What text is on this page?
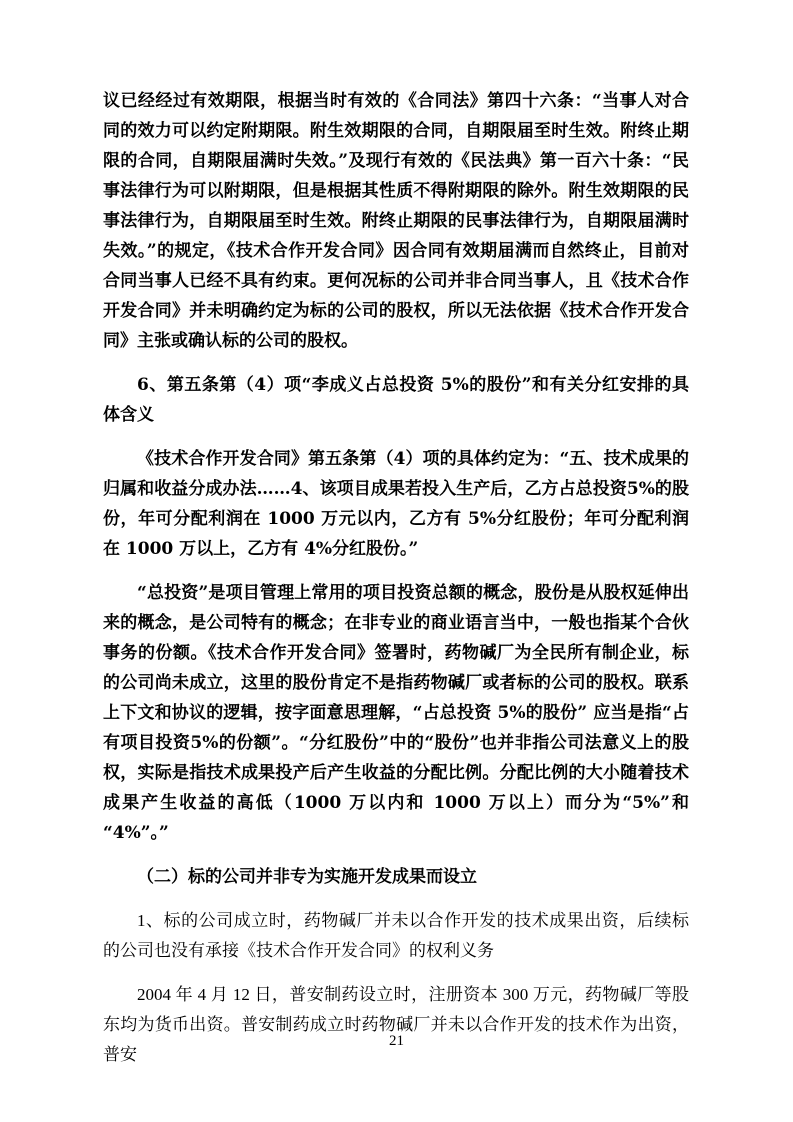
议已经经过有效期限，根据当时有效的《合同法》第四十六条：“当事人对合同的效力可以约定附期限。附生效期限的合同，自期限届至时生效。附终止期限的合同，自期限届满时失效。”及现行有效的《民法典》第一百六十条：“民事法律行为可以附期限，但是根据其性质不得附期限的除外。附生效期限的民事法律行为，自期限届至时生效。附终止期限的民事法律行为，自期限届满时失效。”的规定，《技术合作开发合同》因合同有效期届满而自然终止，目前对合同当事人已经不具有约束。更何况标的公司并非合同当事人，且《技术合作开发合同》并未明确约定为标的公司的股权，所以无法依据《技术合作开发合同》主张或确认标的公司的股权。

6、第五条第（4）项“李成义占总投资 5%的股份”和有关分红安排的具体含义

《技术合作开发合同》第五条第（4）项的具体约定为：“五、技术成果的归属和收益分成办法……4、该项目成果若投入生产后，乙方占总投资5%的股份，年可分配利润在 1000 万元以内，乙方有 5%分红股份；年可分配利润在 1000 万以上，乙方有 4%分红股份。”

“总投资”是项目管理上常用的项目投资总额的概念，股份是从股权延伸出来的概念，是公司特有的概念；在非专业的商业语言当中，一般也指某个合伙事务的份额。《技术合作开发合同》签署时，药物碱厂为全民所有制企业，标的公司尚未成立，这里的股份肯定不是指药物碱厂或者标的公司的股权。联系上下文和协议的逻辑，按字面意思理解，“占总投资 5%的股份” 应当是指“占有项目投资5%的份额”。“分红股份”中的“股份”也并非指公司法意义上的股权，实际是指技术成果投产后产生收益的分配比例。分配比例的大小随着技术成果产生收益的高低（1000 万以内和 1000 万以上）而分为“5%”和“4%”。”

（二）标的公司并非专为实施开发成果而设立

1、标的公司成立时，药物碱厂并未以合作开发的技术成果出资，后续标的公司也没有承接《技术合作开发合同》的权利义务

2004 年 4 月 12 日，普安制药设立时，注册资本 300 万元，药物碱厂等股东均为货币出资。普安制药成立时药物碱厂并未以合作开发的技术作为出资，普安

21
